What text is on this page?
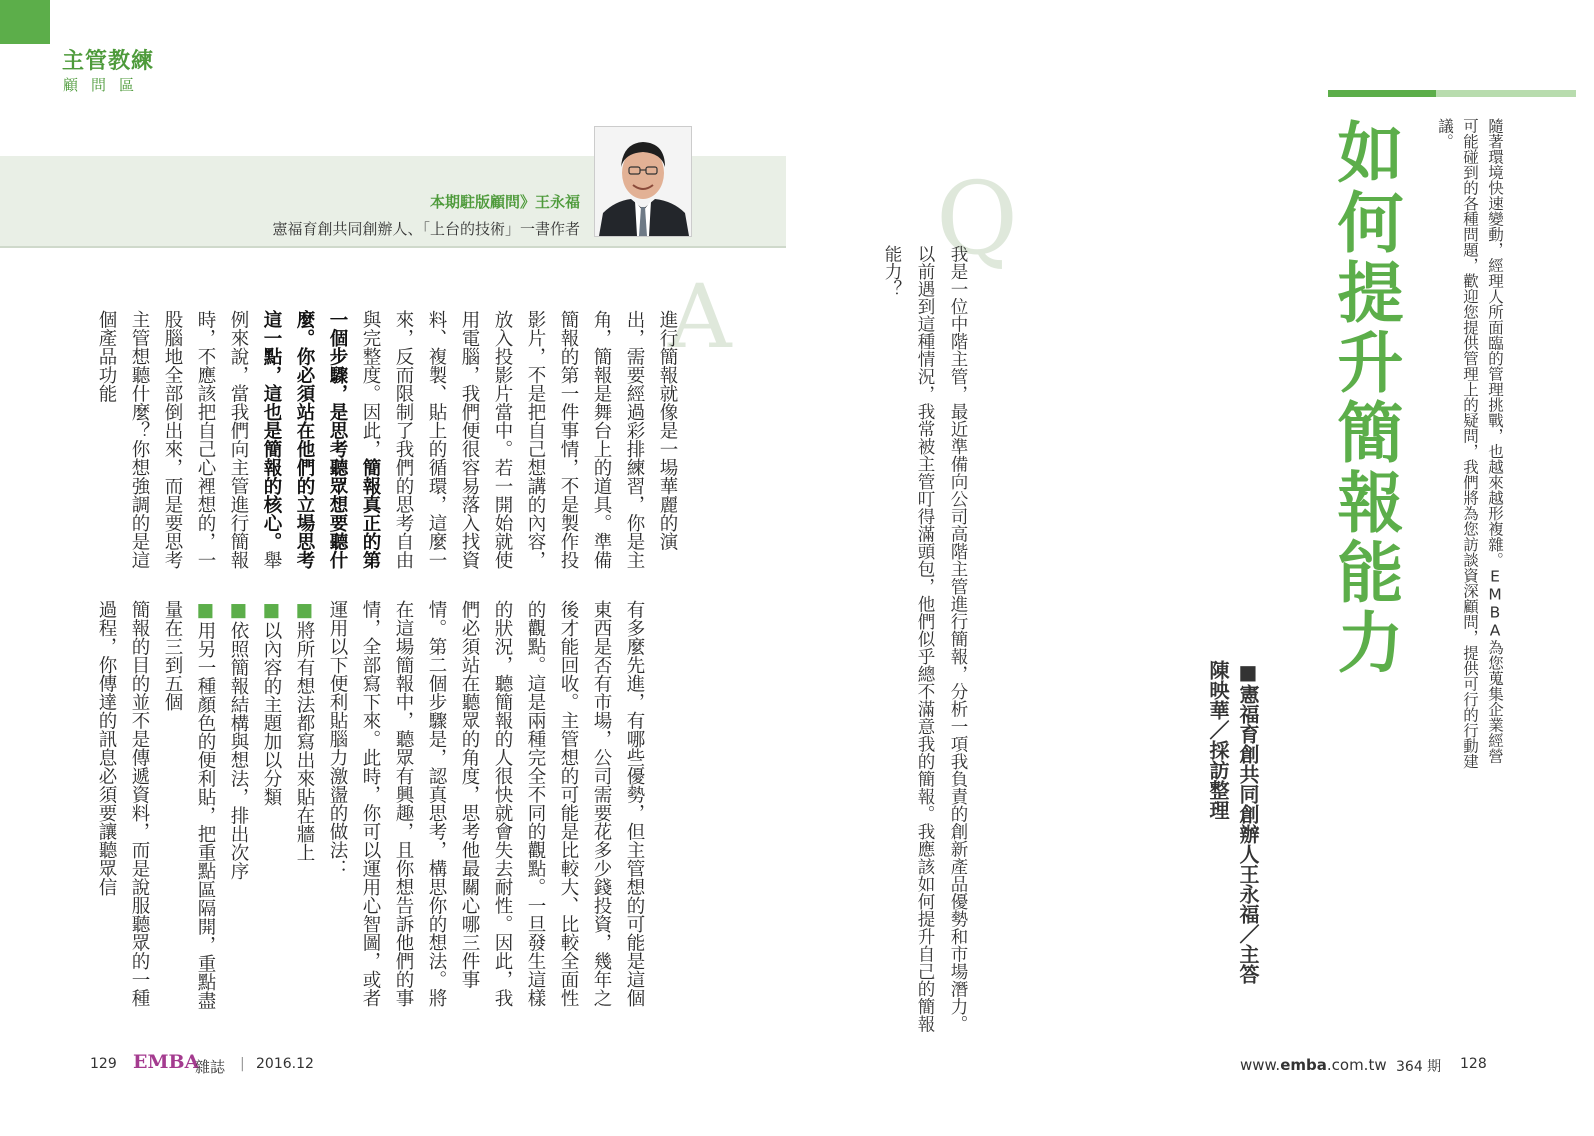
主管教練
顧問區
本期駐版顧問》王永福
憲福育創共同創辦人、「上台的技術」一書作者	如何提升簡報能力	隨著環境快速變動，經理人所面臨的管理挑戰，也越來越形複雜。EMBA為您蒐集企業經營可能碰到的各種問題，歡迎您提供管理上的疑問，我們將為您訪談資深顧問，提供可行的行動建議。
■憲福育創共同創辦人王永福／主答
陳映華／採訪整理
Q
我是一位中階主管，最近準備向公司高階主管進行簡報，分析一項我負責的創新產品優勢和市場潛力。以前遇到這種情況，我常被主管叮得滿頭包，他們似乎總不滿意我的簡報。我應該如何提升自己的簡報能力？
A
進行簡報就像是一場華麗的演出，需要經過彩排練習，你是主角，簡報是舞台上的道具。準備簡報的第一件事情，不是製作投影片，不是把自己想講的內容，放入投影片當中。若一開始就使用電腦，我們便很容易落入找資料、複製、貼上的循環，這麼一來，反而限制了我們的思考自由與完整度。因此，簡報真正的第一個步驟，是思考聽眾想要聽什麼。你必須站在他們的立場思考這一點，這也是簡報的核心。舉例來說，當我們向主管進行簡報時，不應該把自己心裡想的，一股腦地全部倒出來，而是要思考主管想聽什麼？你想強調的是這個產品功能
有多麼先進，有哪些優勢，但主管想的可能是這個東西是否有市場，公司需要花多少錢投資，幾年之後才能回收。主管想的可能是比較大、比較全面性的觀點。這是兩種完全不同的觀點。一旦發生這樣的狀況，聽簡報的人很快就會失去耐性。因此，我們必須站在聽眾的角度，思考他最關心哪三件事情。第二個步驟是，認真思考，構思你的想法。將在這場簡報中，聽眾有興趣，且你想告訴他們的事情，全部寫下來。此時，你可以運用心智圖，或者運用以下便利貼腦力激盪的做法：
■將所有想法都寫出來貼在牆上
■以內容的主題加以分類
■依照簡報結構與想法，排出次序
■用另一種顏色的便利貼，把重點區隔開，重點盡量在三到五個
簡報的目的並不是傳遞資料，而是說服聽眾的一種過程，你傳達的訊息必須要讓聽眾信
129 EMBA
雜誌 | 2016.12	www.emba.com.tw 364 期 128
